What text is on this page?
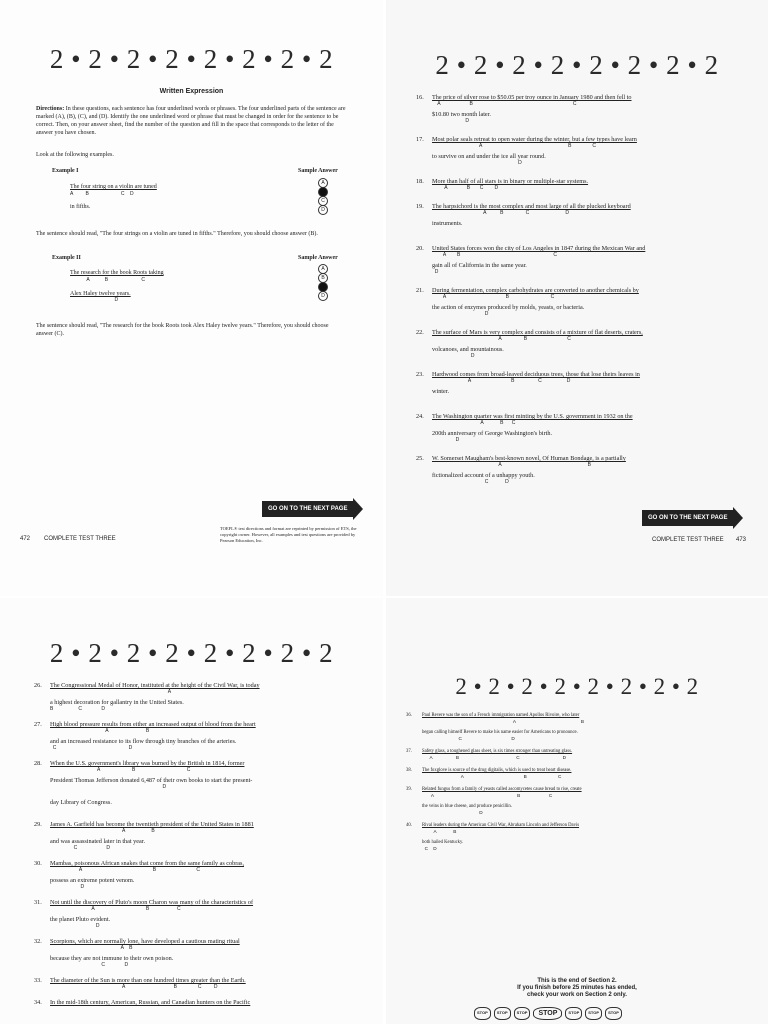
2 • 2 • 2 • 2 • 2 • 2 • 2 • 2
Written Expression
Directions: In these questions, each sentence has four underlined words or phrases. The four underlined parts of the sentence are marked (A), (B), (C), and (D). Identify the one underlined word or phrase that must be changed in order for the sentence to be correct. Then, on your answer sheet, find the number of the question and fill in the space that corresponds to the letter of the answer you have chosen.
Look at the following examples.
Example I	Sample Answer
The four string on a violin are tuned
A         B                       C    D
in fifths.
A
B
C
D
The sentence should read, "The four strings on a violin are tuned in fifths." Therefore, you should choose answer (B).
Example II	Sample Answer
The research for the book Roots taking
A           B                        C
Alex Haley twelve years.
D
A
B
C
D
The sentence should read, "The research for the book Roots took Alex Haley twelve years." Therefore, you should choose answer (C).
GO ON TO THE NEXT PAGE
TOEFL® test directions and format are reprinted by permission of ETS, the copyright owner. However, all examples and test questions are provided by Pearson Education, Inc.
472 COMPLETE TEST THREE
2 • 2 • 2 • 2 • 2 • 2 • 2 • 2
16. The price of silver rose to $50.05 per troy ounce in January 1980 and then fell to
A                     B                                                                        C
$10.80 two month later.
D
17. Most polar seals retreat to open water during the winter, but a few types have learn
A                                                              B               C
to survive on and under the ice all year round.
D
18. More than half of all stars is in binary or multiple-star systems.
A              B       C        D
19. The harpsichord is the most complex and most large of all the plucked keyboard
A          B                C                          D
instruments.
20. United States forces won the city of Los Angeles in 1847 during the Mexican War and
A        B                                                                   C
gain all of California in the same year.
D
21. During fermentation, complex carbohydrates are converted to another chemicals by
A                                           B                              C
the action of enzymes produced by molds, yeasts, or bacteria.
D
22. The surface of Mars is very complex and consists of a mixture of flat deserts, craters,
A                B                             C
volcanoes, and mountainous.
D
23. Hardwood comes from broad-leaved deciduous trees, those that lose theirs leaves in
A                             B                 C                  D
winter.
24. The Washington quarter was first minting by the U.S. government in 1932 on the
A            B      C
200th anniversary of George Washington's birth.
D
25. W. Somerset Maugham's best-known novel, Of Human Bondage, is a partially
A                                                              B
fictionalized account of a unhappy youth.
C            D
GO ON TO THE NEXT PAGE
COMPLETE TEST THREE 473
2 • 2 • 2 • 2 • 2 • 2 • 2 • 2
26. The Congressional Medal of Honor, instituted at the height of the Civil War, is today
A
a highest decoration for gallantry in the United States.
B                  C              D
27. High blood pressure results from either an increased output of blood from the heart
A                           B
and an increased resistance to its flow through tiny branches of the arteries.
C                                                    D
28. When the U.S. government's library was burned by the British in 1814, former
A                       B                                     C
President Thomas Jefferson donated 6,487 of their own books to start the present-
D
day Library of Congress.
29. James A. Garfield has become the twentieth president of the United States in 1881
A                   B
and was assassinated later in that year.
C                     D
30. Mambas, poisonous African snakes that come from the same family as cobras,
A                                                   B                             C
possess an extreme potent venom.
D
31. Not until the discovery of Pluto's moon Charon was many of the characteristics of
A                                     B                    C
the planet Pluto evident.
D
32. Scorpions, which are normally lone, have developed a cautious mating ritual
A    B
because they are not immune to their own poison.
C              D
33. The diameter of the Sun is more than one hundred times greater than the Earth.
A                                   B               C         D
34. In the mid-18th century, American, Russian, and Canadian hunters on the Pacific
2 • 2 • 2 • 2 • 2 • 2 • 2 • 2
36. Paul Revere was the son of a French immigration named Apollos Rivoire, who later
A                                                  B
began calling himself Revere to make his name easier for Americans to pronounce.
C                                      D
37. Safety glass, a toughened glass sheet, is six times stronger than untreating glass.
A                  B                                            C                                 D
38. The foxglove is source of the drug digitalis, which is used to treat heart disease.
A                                              B                        C
39. Related fungus from a family of yeasts called ascomycetes cause bread to rise, create
A                                                                B                      C
the veins in blue cheese, and produce penicillin.
D
40. Rival leaders during the American Civil War, Abraham Lincoln and Jefferson Davis
A             B
both hailed Kentucky.
C    D
This is the end of Section 2.
If you finish before 25 minutes has ended,
check your work on Section 2 only.
STOP	STOP	STOP	STOP	STOP	STOP	STOP
